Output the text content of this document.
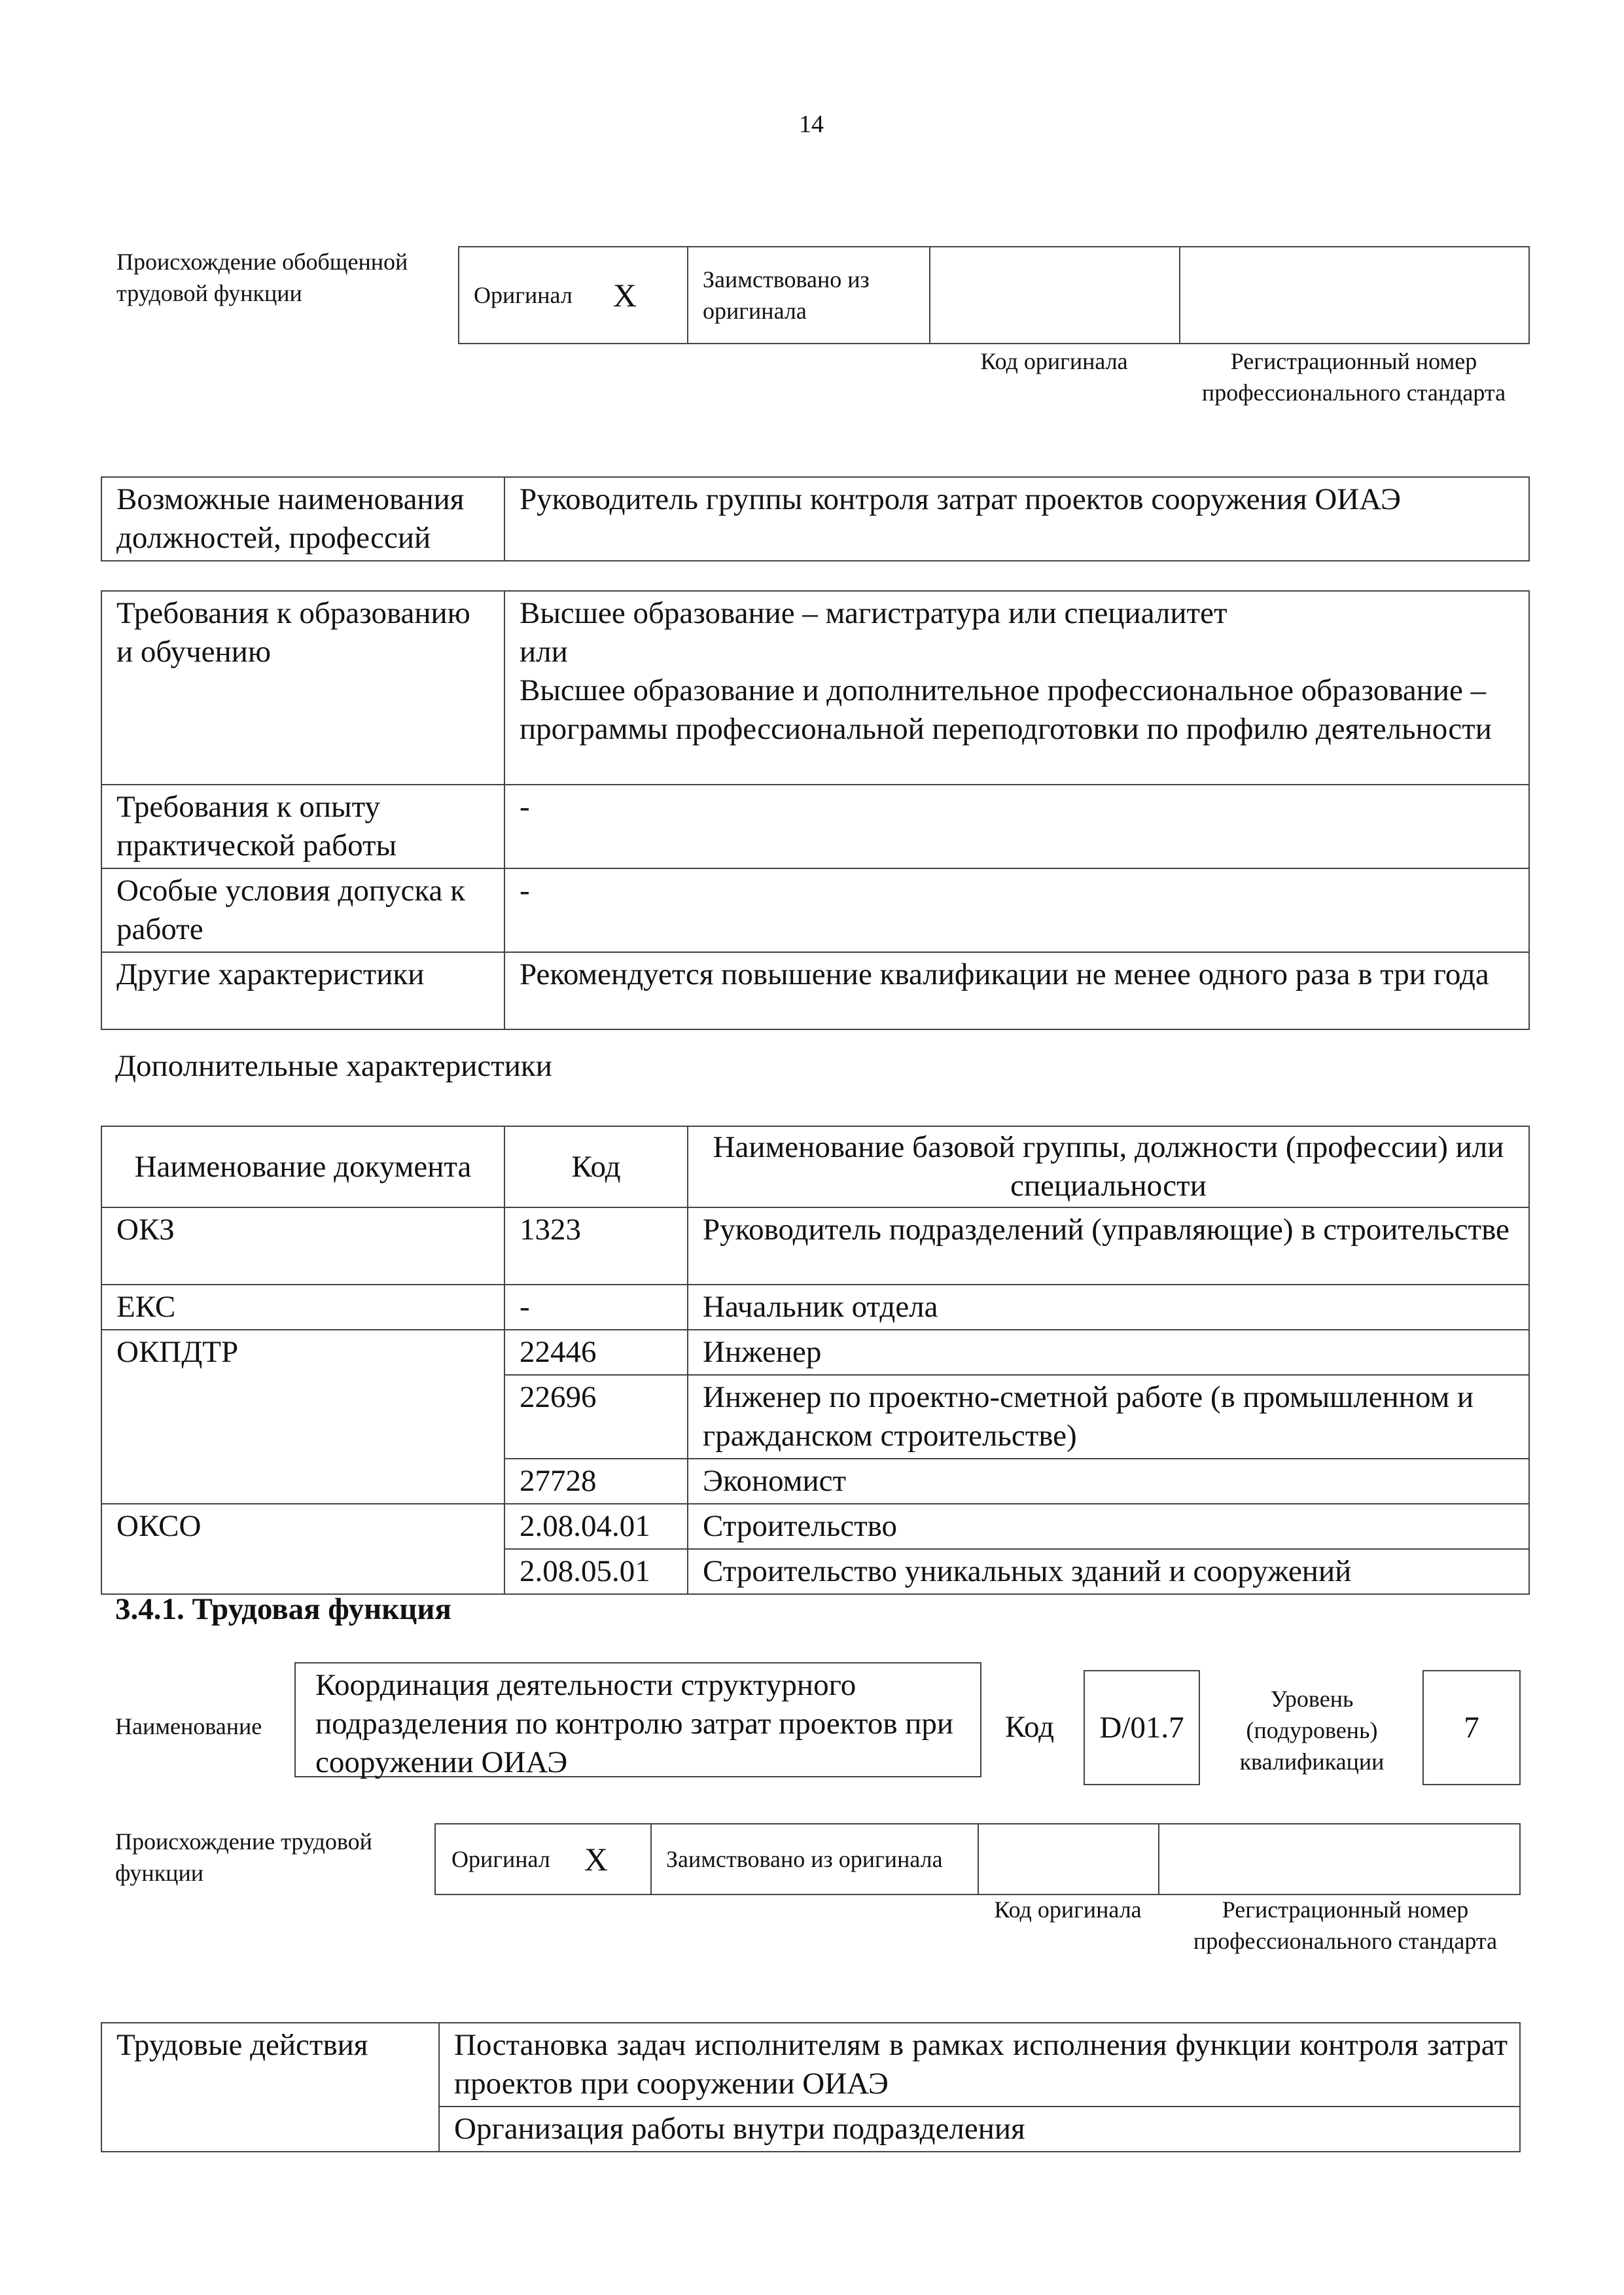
14
Происхождение обобщенной трудовой функции	Оригинал X	Заимствовано из оригинала		
Код оригинала	Регистрационный номер профессионального стандарта
Возможные наименования должностей, профессий	Руководитель группы контроля затрат проектов сооружения ОИАЭ
Требования к образованию и обучению	Высшее образование – магистратура или специалитет
или
Высшее образование и дополнительное профессиональное образование – программы профессиональной переподготовки по профилю деятельности
Требования к опыту практической работы	-
Особые условия допуска к работе	-
Другие характеристики	Рекомендуется повышение квалификации не менее одного раза в три года
Дополнительные характеристики
Наименование документа	Код	Наименование базовой группы, должности (профессии) или специальности
ОКЗ	1323	Руководитель подразделений (управляющие) в строительстве
ЕКС	-	Начальник отдела
ОКПДТР	22446	Инженер
	22696	Инженер по проектно-сметной работе (в промышленном и гражданском строительстве)
	27728	Экономист
ОКСО	2.08.04.01	Строительство
	2.08.05.01	Строительство уникальных зданий и сооружений
3.4.1. Трудовая функция
Наименование
Координация деятельности структурного подразделения по контролю затрат проектов при сооружении ОИАЭ
Код	D/01.7
Уровень (подуровень) квалификации
7
Происхождение трудовой функции
Оригинал X	Заимствовано из оригинала		
Код оригинала	Регистрационный номер профессионального стандарта
Трудовые действия	Постановка задач исполнителям в рамках исполнения функции контроля затрат проектов при сооружении ОИАЭ
Организация работы внутри подразделения
